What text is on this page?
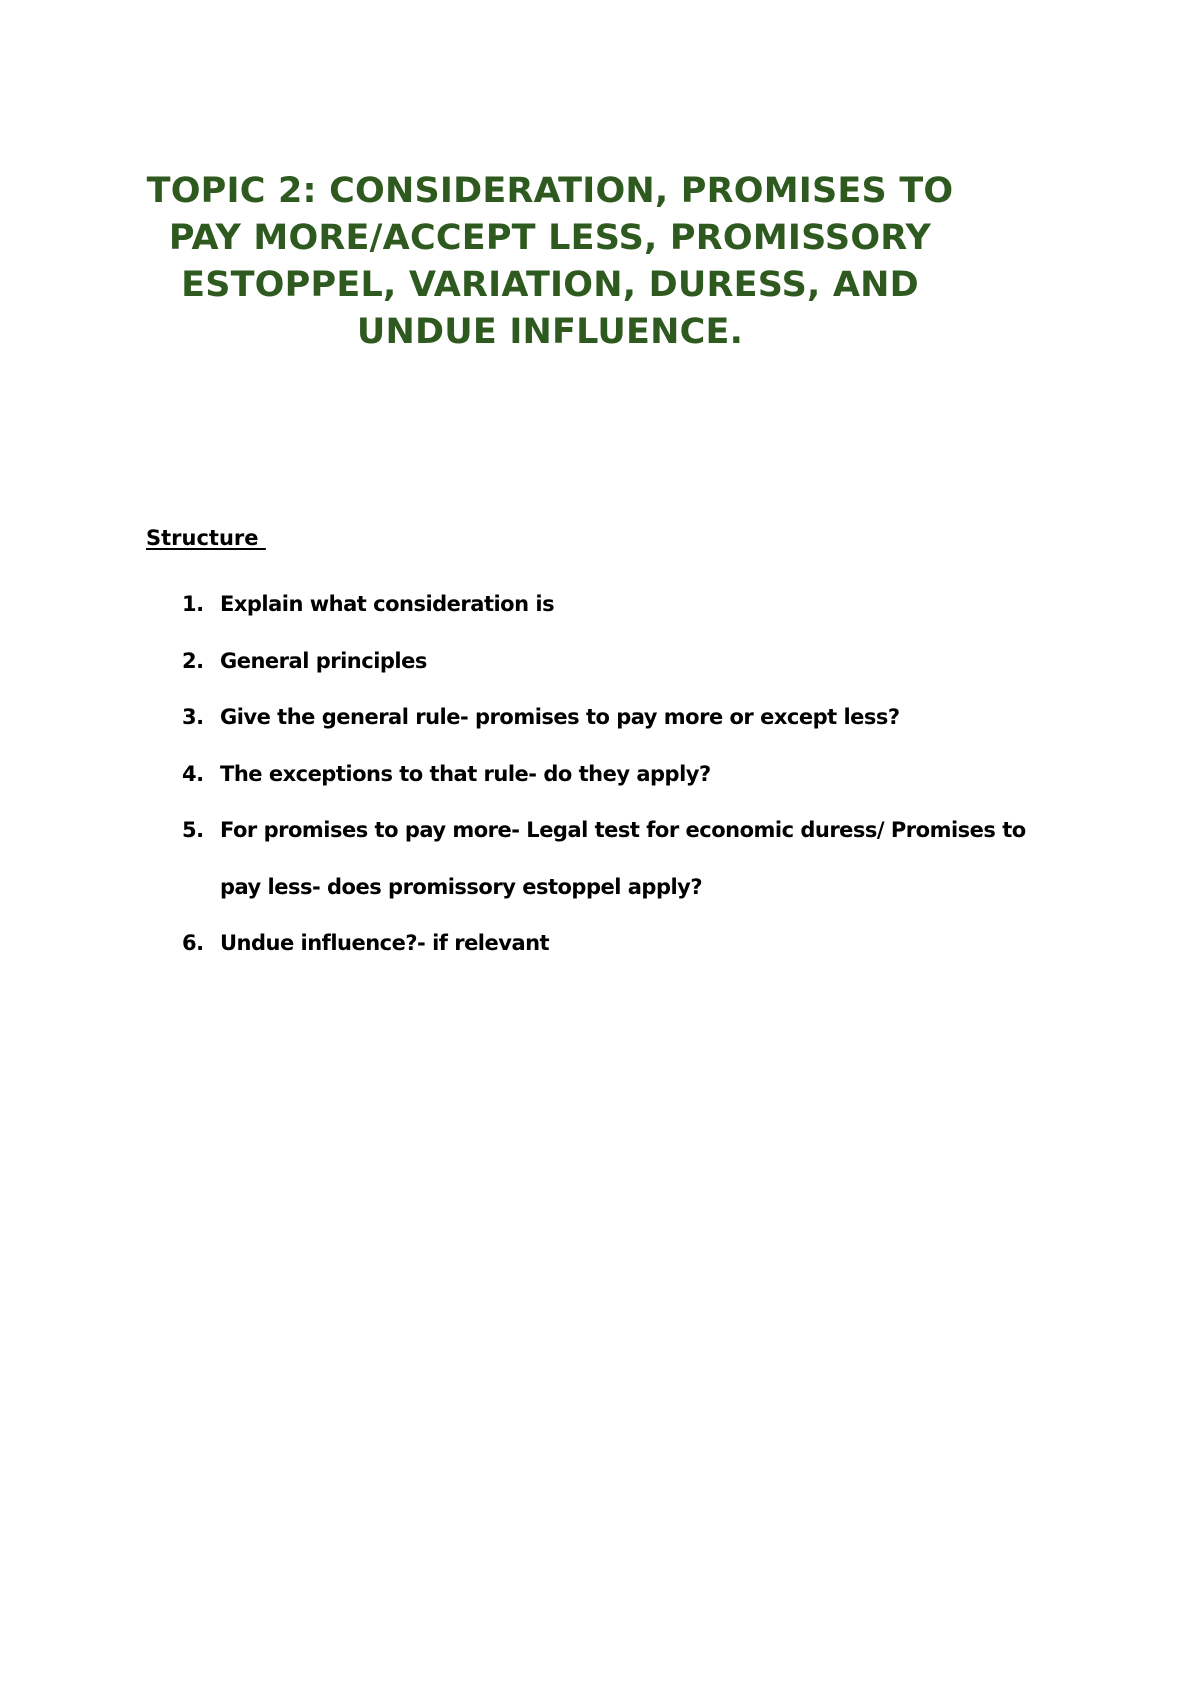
TOPIC 2: CONSIDERATION, PROMISES TO
PAY MORE/ACCEPT LESS, PROMISSORY
ESTOPPEL, VARIATION, DURESS, AND
UNDUE INFLUENCE.
Structure
1. Explain what consideration is
2. General principles
3. Give the general rule- promises to pay more or except less?
4. The exceptions to that rule- do they apply?
5. For promises to pay more- Legal test for economic duress/ Promises to pay less- does promissory estoppel apply?
6. Undue influence?- if relevant
